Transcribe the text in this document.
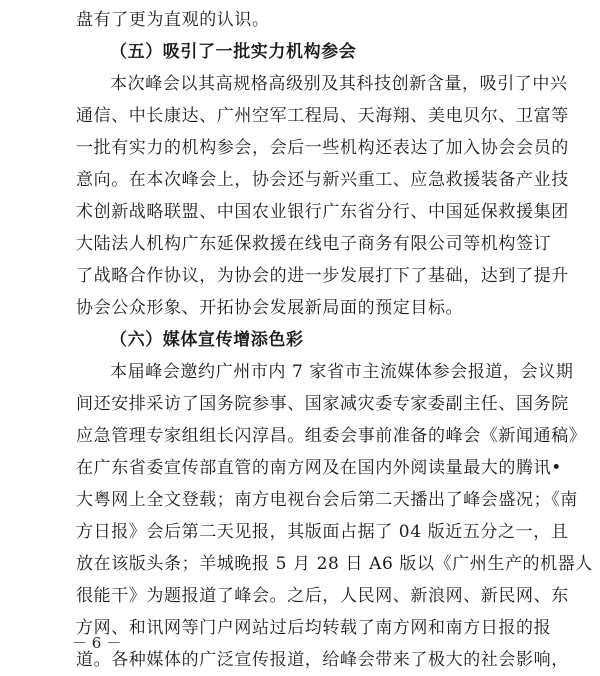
盘有了更为直观的认识。
（五）吸引了一批实力机构参会
本次峰会以其高规格高级别及其科技创新含量，吸引了中兴
通信、中长康达、广州空军工程局、天海翔、美电贝尔、卫富等
一批有实力的机构参会，会后一些机构还表达了加入协会会员的
意向。在本次峰会上，协会还与新兴重工、应急救援装备产业技
术创新战略联盟、中国农业银行广东省分行、中国延保救援集团
大陆法人机构广东延保救援在线电子商务有限公司等机构签订
了战略合作协议，为协会的进一步发展打下了基础，达到了提升
协会公众形象、开拓协会发展新局面的预定目标。
（六）媒体宣传增添色彩
本届峰会邀约广州市内 7 家省市主流媒体参会报道，会议期
间还安排采访了国务院参事、国家减灾委专家委副主任、国务院
应急管理专家组组长闪淳昌。组委会事前准备的峰会《新闻通稿》
在广东省委宣传部直管的南方网及在国内外阅读量最大的腾讯•
大粤网上全文登载；南方电视台会后第二天播出了峰会盛况；《南
方日报》会后第二天见报，其版面占据了 04 版近五分之一，且
放在该版头条；羊城晚报 5 月 28 日 A6 版以《广州生产的机器人
很能干》为题报道了峰会。之后，人民网、新浪网、新民网、东
方网、和讯网等门户网站过后均转载了南方网和南方日报的报
道。各种媒体的广泛宣传报道，给峰会带来了极大的社会影响，
－ 6 －
